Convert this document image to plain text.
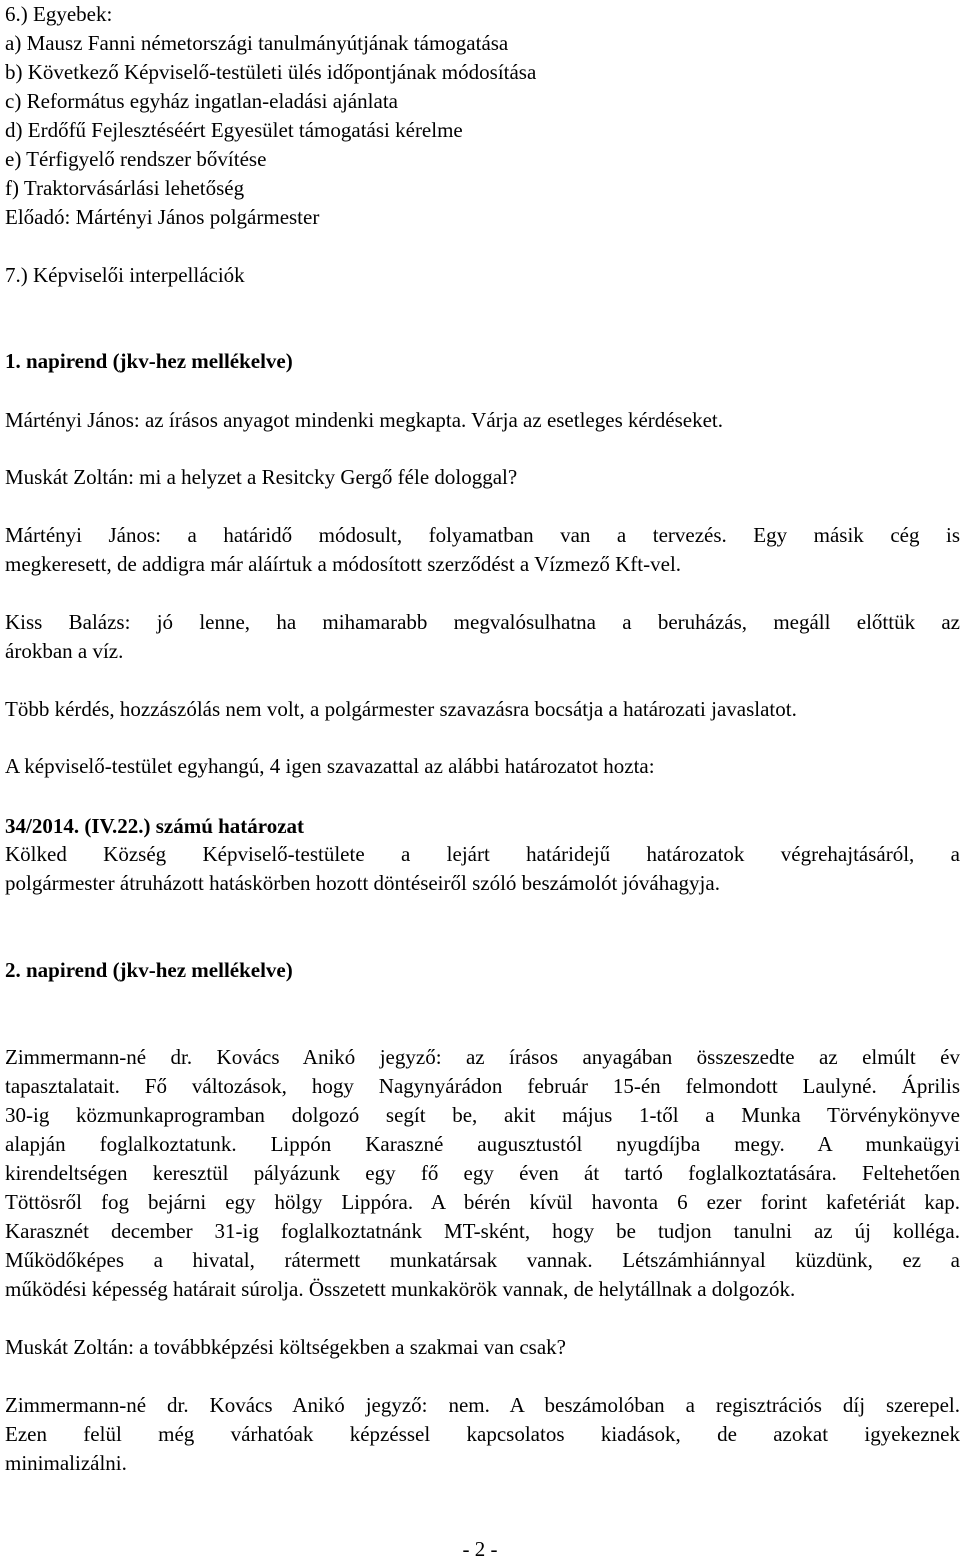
6.) Egyebek:
a) Mausz Fanni németországi tanulmányútjának támogatása
b) Következő Képviselő-testületi ülés időpontjának módosítása
c) Református egyház ingatlan-eladási ajánlata
d) Erdőfű Fejlesztéséért Egyesület támogatási kérelme
e) Térfigyelő rendszer bővítése
f) Traktorvásárlási lehetőség
Előadó: Mártényi János polgármester
7.) Képviselői interpellációk
1. napirend (jkv-hez mellékelve)
Mártényi János: az írásos anyagot mindenki megkapta. Várja az esetleges kérdéseket.
Muskát Zoltán: mi a helyzet a Resitcky Gergő féle dologgal?
Mártényi János: a határidő módosult, folyamatban van a tervezés. Egy másik cég is
megkeresett, de addigra már aláírtuk a módosított szerződést a Vízmező Kft-vel.
Kiss Balázs: jó lenne, ha mihamarabb megvalósulhatna a beruházás, megáll előttük az
árokban a víz.
Több kérdés, hozzászólás nem volt, a polgármester szavazásra bocsátja a határozati javaslatot.
A képviselő-testület egyhangú, 4 igen szavazattal az alábbi határozatot hozta:
34/2014. (IV.22.) számú határozat
Kölked Község Képviselő-testülete a lejárt határidejű határozatok végrehajtásáról, a
polgármester átruházott hatáskörben hozott döntéseiről szóló beszámolót jóváhagyja.
2. napirend (jkv-hez mellékelve)
Zimmermann-né dr. Kovács Anikó jegyző: az írásos anyagában összeszedte az elmúlt év
tapasztalatait. Fő változások, hogy Nagynyárádon február 15-én felmondott Laulyné. Április
30-ig közmunkaprogramban dolgozó segít be, akit május 1-től a Munka Törvénykönyve
alapján foglalkoztatunk. Lippón Karaszné augusztustól nyugdíjba megy. A munkaügyi
kirendeltségen keresztül pályázunk egy fő egy éven át tartó foglalkoztatására. Feltehetően
Töttösről fog bejárni egy hölgy Lippóra. A bérén kívül havonta 6 ezer forint kafetériát kap.
Karasznét december 31-ig foglalkoztatnánk MT-sként, hogy be tudjon tanulni az új kollégа.
Működőképes a hivatal, rátermett munkatársak vannak. Létszámhiánnyal küzdünk, ez a
működési képesség határait súrolja. Összetett munkakörök vannak, de helytállnak a dolgozók.
Muskát Zoltán: a továbbképzési költségekben a szakmai van csak?
Zimmermann-né dr. Kovács Anikó jegyző: nem. A beszámolóban a regisztrációs díj szerepel.
Ezen felül még várhatóak képzéssel kapcsolatos kiadások, de azokat igyekeznek
minimalizálni.
- 2 -
